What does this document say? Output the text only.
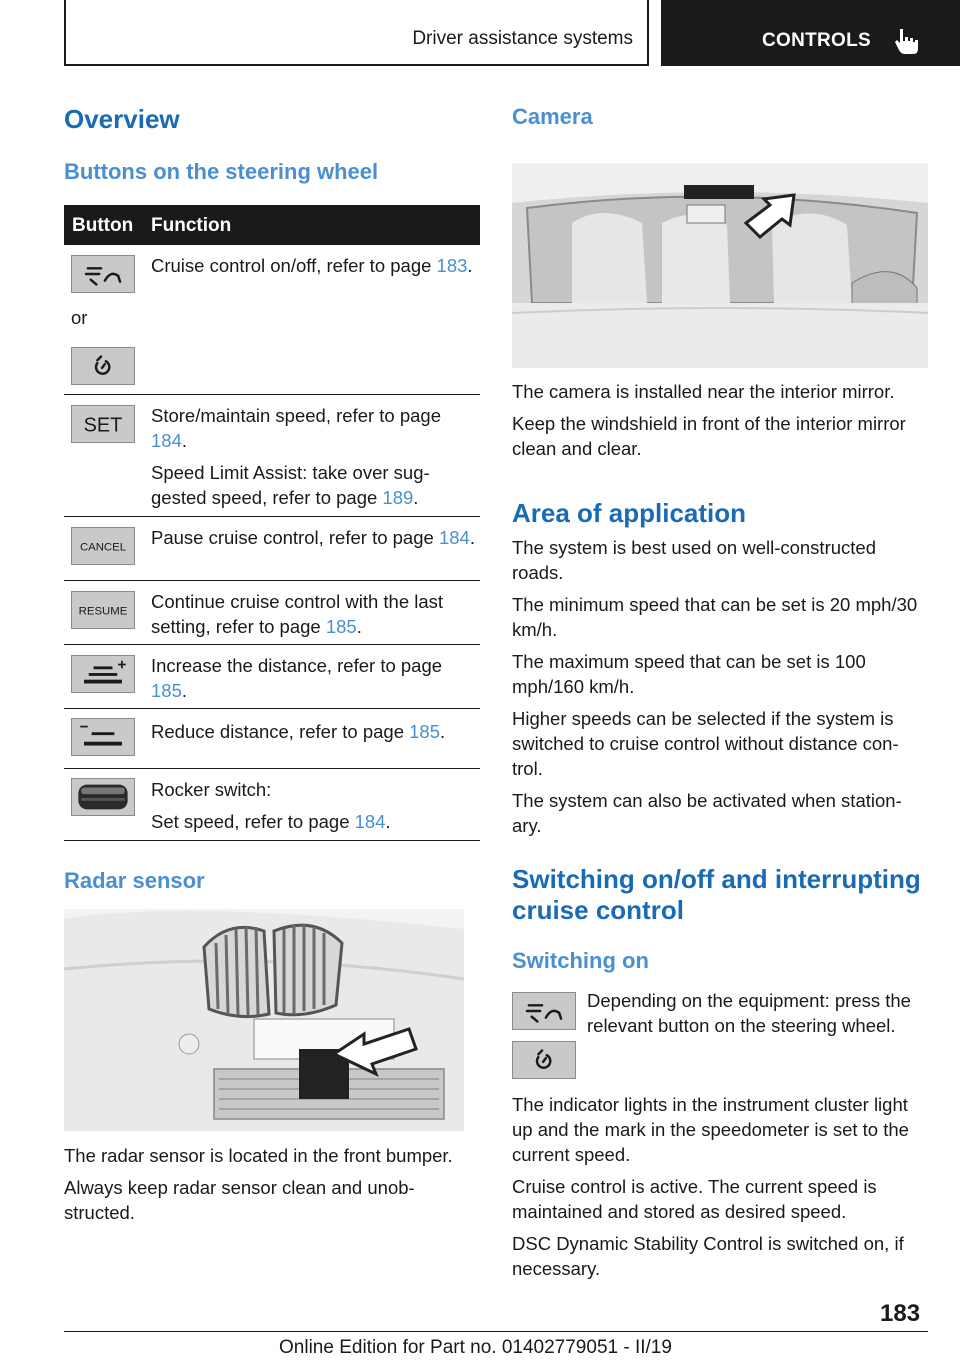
Driver assistance systems	CONTROLS
Overview
Buttons on the steering wheel
Button Function
or

Cruise control on/off, refer to page 183.

SET Store/maintain speed, refer to page 184.

Speed Limit Assist: take over sug‐gested speed, refer to page 189.

CANCEL Pause cruise control, refer to page 184.

RESUME Continue cruise control with the last setting, refer to page 185.

Increase the distance, refer to page 185.

Reduce distance, refer to page 185.

Rocker switch:

Set speed, refer to page 184.

Radar sensor

The radar sensor is located in the front bumper.

Always keep radar sensor clean and unob‐structed.

Camera

The camera is installed near the interior mirror.

Keep the windshield in front of the interior mirror clean and clear.

Area of application

The system is best used on well-constructed roads.

The minimum speed that can be set is 20 mph/30 km/h.

The maximum speed that can be set is 100 mph/160 km/h.

Higher speeds can be selected if the system is switched to cruise control without distance con‐trol.

The system can also be activated when station‐ary.

Switching on/off and interrupting cruise control
Switching on
Depending on the equipment: press the relevant button on the steering wheel.

The indicator lights in the instrument cluster light up and the mark in the speedometer is set to the current speed.

Cruise control is active. The current speed is maintained and stored as desired speed.

DSC Dynamic Stability Control is switched on, if necessary.

183
Online Edition for Part no. 01402779051 - II/19
